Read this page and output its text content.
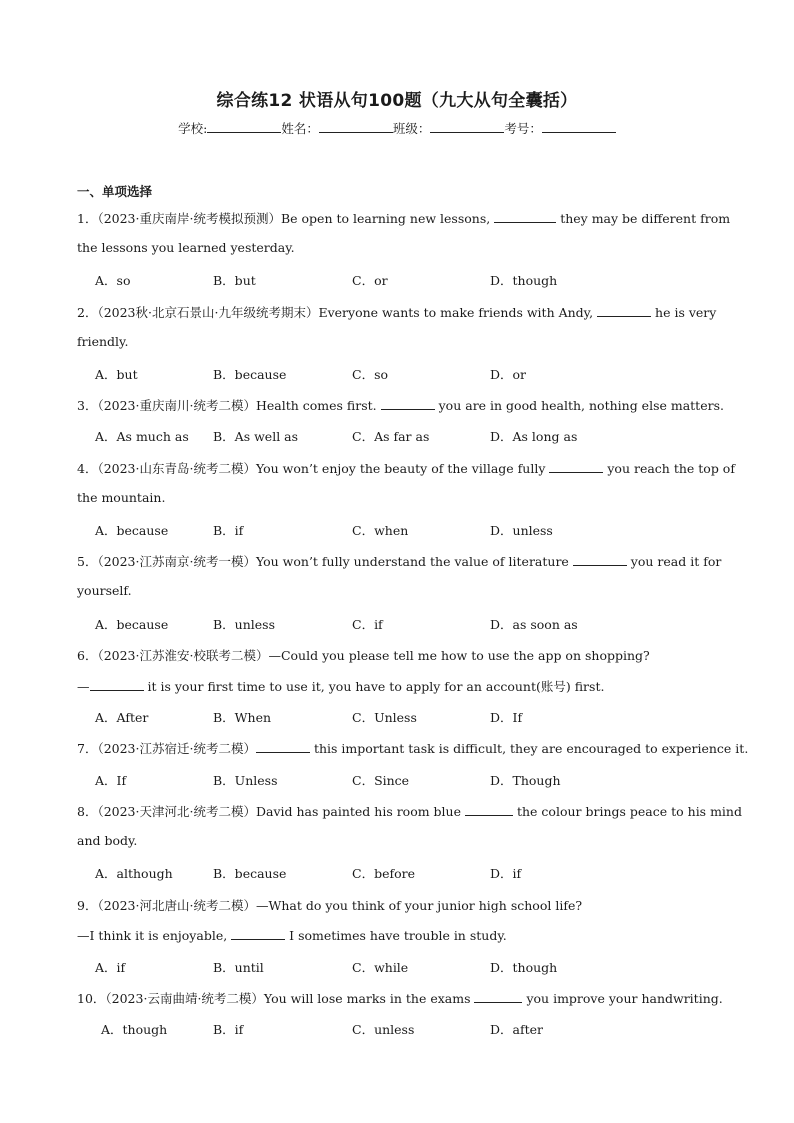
综合练12 状语从句100题（九大从句全囊括）
学校:	姓名：	班级：	考号：
一、单项选择
1．（2023·重庆南岸·统考模拟预测）Be open to learning new lessons,	they may be different from
the lessons you learned yesterday.
A．so	B．but	C．or	D．though
2．（2023秋·北京石景山·九年级统考期末）Everyone wants to make friends with Andy,	he is very
friendly.
A．but	B．because	C．so	D．or
3．（2023·重庆南川·统考二模）Health comes first.	you are in good health, nothing else matters.
A．As much as B．As well as	C．As far as	D．As long as
4．（2023·山东青岛·统考二模）You won’t enjoy the beauty of the village fully	you reach the top of
the mountain.
A．because	B．if	C．when	D．unless
5．（2023·江苏南京·统考一模）You won’t fully understand the value of literature	you read it for
yourself.
A．because	B．unless	C．if	D．as soon as
6．（2023·江苏淮安·校联考二模）—Could you please tell me how to use the app on shopping?
—	it is your first time to use it, you have to apply for an account(账号) first.
A．After	B．When	C．Unless	D．If
7．（2023·江苏宿迁·统考二模）	this important task is difficult, they are encouraged to experience it.
A．If	B．Unless	C．Since	D．Though
8．（2023·天津河北·统考二模）David has painted his room blue	the colour brings peace to his mind
and body.
A．although	B．because	C．before	D．if
9．（2023·河北唐山·统考二模）—What do you think of your junior high school life?
—I think it is enjoyable,	I sometimes have trouble in study.
A．if	B．until	C．while	D．though
10．（2023·云南曲靖·统考二模）You will lose marks in the exams	you improve your handwriting.
A．though	B．if	C．unless	D．after
